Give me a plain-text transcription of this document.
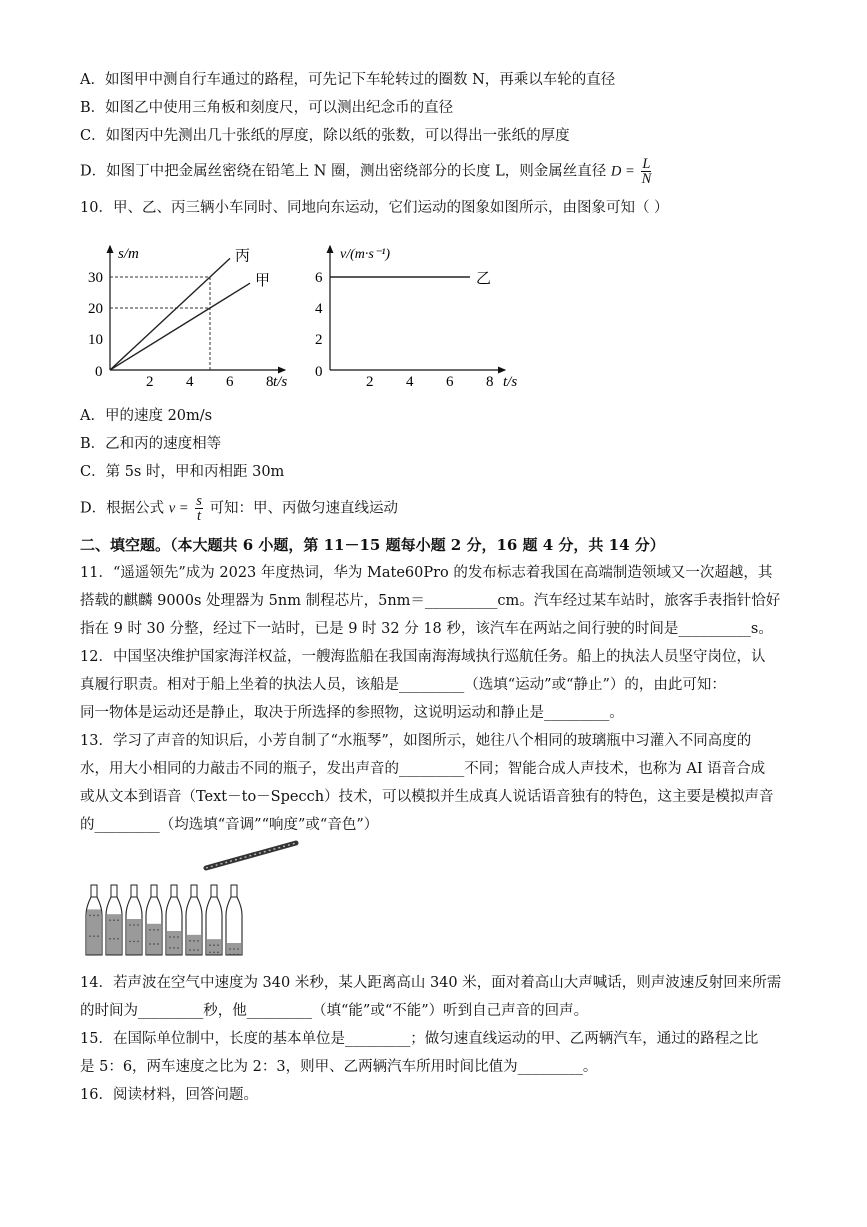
A．如图甲中测自行车通过的路程，可先记下车轮转过的圈数 N，再乘以车轮的直径
B．如图乙中使用三角板和刻度尺，可以测出纪念币的直径
C．如图丙中先测出几十张纸的厚度，除以纸的张数，可以得出一张纸的厚度
D．如图丁中把金属丝密绕在铅笔上 N 圈，测出密绕部分的长度 L，则金属丝直径 $D = \frac{L}{N}$
10．甲、乙、丙三辆小车同时、同地向东运动，它们运动的图象如图所示，由图象可知（ ）
s/m
t/s
0
2 4 6 8
10
20
30
丙
甲
v/(m·s⁻¹)
t/s
0
2 4 6 8
2
4
6	乙
A．甲的速度 20m/s
B．乙和丙的速度相等
C．第 5s 时，甲和丙相距 30m
D．根据公式 $v = \frac{s}{t}$ 可知：甲、丙做匀速直线运动
二、填空题。（本大题共 6 小题，第 11－15 题每小题 2 分，16 题 4 分，共 14 分）
11．“遥遥领先”成为 2023 年度热词，华为 Mate60Pro 的发布标志着我国在高端制造领域又一次超越，其
搭载的麒麟 9000s 处理器为 5nm 制程芯片，5nm＝__________cm。汽车经过某车站时，旅客手表指针恰好
指在 9 时 30 分整，经过下一站时，已是 9 时 32 分 18 秒，该汽车在两站之间行驶的时间是__________s。
12．中国坚决维护国家海洋权益，一艘海监船在我国南海海域执行巡航任务。船上的执法人员坚守岗位，认
真履行职责。相对于船上坐着的执法人员，该船是_________（选填“运动”或“静止”）的，由此可知：
同一物体是运动还是静止，取决于所选择的参照物，这说明运动和静止是_________。
13．学习了声音的知识后，小芳自制了“水瓶琴”，如图所示，她往八个相同的玻璃瓶中习灌入不同高度的
水，用大小相同的力敲击不同的瓶子，发出声音的_________不同；智能合成人声技术，也称为 AI 语音合成
或从文本到语音（Text－to－Specch）技术，可以模拟并生成真人说话语音独有的特色，这主要是模拟声音
的_________（均选填“音调”“响度”或“音色”）
14．若声波在空气中速度为 340 米秒，某人距离高山 340 米，面对着高山大声喊话，则声波速反射回来所需
的时间为_________秒，他_________（填“能”或“不能”）听到自己声音的回声。
15．在国际单位制中，长度的基本单位是_________；做匀速直线运动的甲、乙两辆汽车，通过的路程之比
是 5：6，两车速度之比为 2：3，则甲、乙两辆汽车所用时间比值为_________。
16．阅读材料，回答问题。
